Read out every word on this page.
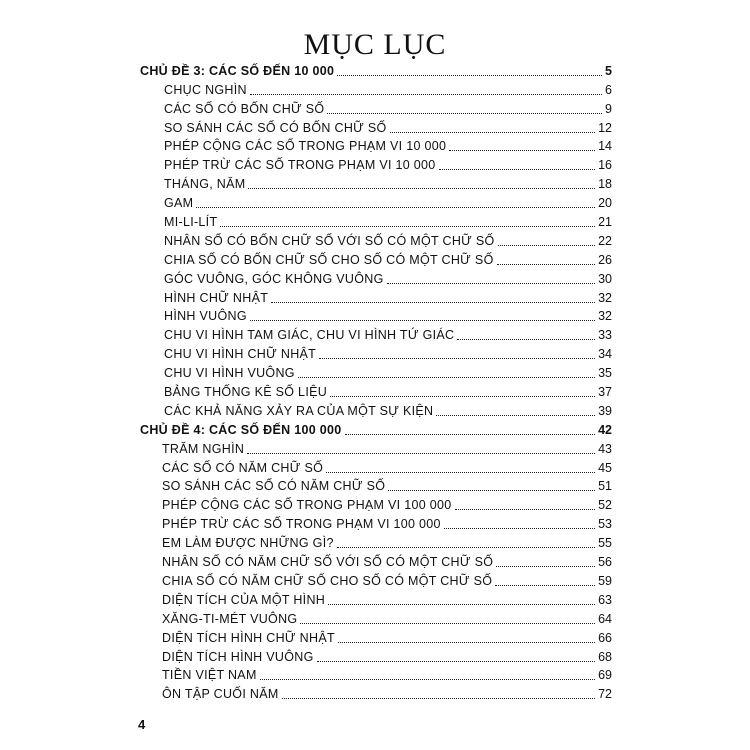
MỤC LỤC
CHỦ ĐỀ 3: CÁC SỐ ĐẾN 10 000	5
CHỤC NGHÌN	6
CÁC SỐ CÓ BỐN CHỮ SỐ	9
SO SÁNH CÁC SỐ CÓ BỐN CHỮ SỐ	12
PHÉP CỘNG CÁC SỐ TRONG PHẠM VI 10 000	14
PHÉP TRỪ CÁC SỐ TRONG PHẠM VI 10 000	16
THÁNG, NĂM	18
GAM	20
MI-LI-LÍT	21
NHÂN SỐ CÓ BỐN CHỮ SỐ VỚI SỐ CÓ MỘT CHỮ SỐ	22
CHIA SỐ CÓ BỐN CHỮ SỐ CHO SỐ CÓ MỘT CHỮ SỐ	26
GÓC VUÔNG, GÓC KHÔNG VUÔNG	30
HÌNH CHỮ NHẬT	32
HÌNH VUÔNG	32
CHU VI HÌNH TAM GIÁC, CHU VI HÌNH TỨ GIÁC	33
CHU VI HÌNH CHỮ NHẬT	34
CHU VI HÌNH VUÔNG	35
BẢNG THỐNG KÊ SỐ LIỆU	37
CÁC KHẢ NĂNG XẢY RA CỦA MỘT SỰ KIỆN	39
CHỦ ĐỀ 4: CÁC SỐ ĐẾN 100 000	42
TRĂM NGHÌN	43
CÁC SỐ CÓ NĂM CHỮ SỐ	45
SO SÁNH CÁC SỐ CÓ NĂM CHỮ SỐ	51
PHÉP CỘNG CÁC SỐ TRONG PHẠM VI 100 000	52
PHÉP TRỪ CÁC SỐ TRONG PHẠM VI 100 000	53
EM LÀM ĐƯỢC NHỮNG GÌ?	55
NHÂN SỐ CÓ NĂM CHỮ SỐ VỚI SỐ CÓ MỘT CHỮ SỐ	56
CHIA SỐ CÓ NĂM CHỮ SỐ CHO SỐ CÓ MỘT CHỮ SỐ	59
DIỆN TÍCH CỦA MỘT HÌNH	63
XĂNG-TI-MÉT VUÔNG	64
DIỆN TÍCH HÌNH CHỮ NHẬT	66
DIỆN TÍCH HÌNH VUÔNG	68
TIỀN VIỆT NAM	69
ÔN TẬP CUỐI NĂM	72
4
